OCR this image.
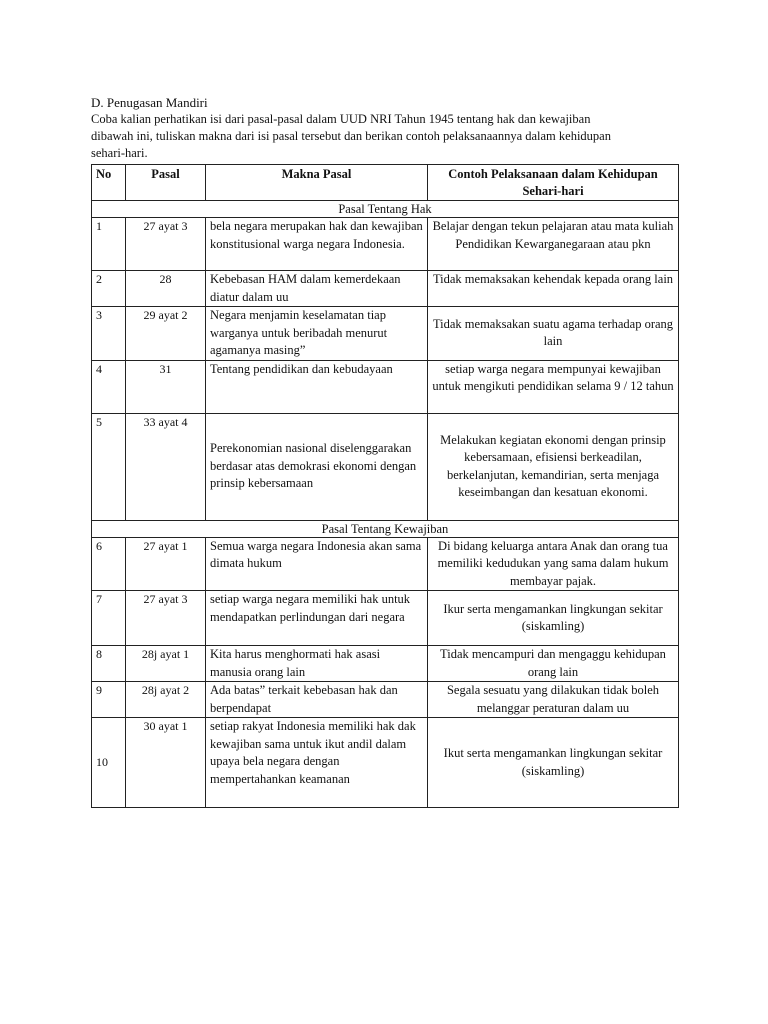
D. Penugasan Mandiri
Coba kalian perhatikan isi dari pasal-pasal dalam UUD NRI Tahun 1945 tentang hak dan kewajiban
dibawah ini, tuliskan makna dari isi pasal tersebut dan berikan contoh pelaksanaannya dalam kehidupan
sehari-hari.
No	Pasal	Makna Pasal	Contoh Pelaksanaan dalam Kehidupan Sehari-hari
Pasal Tentang Hak			
1	27 ayat 3	bela negara merupakan hak dan kewajiban konstitusional warga negara Indonesia.	Belajar dengan tekun pelajaran atau mata kuliah Pendidikan Kewarganegaraan atau pkn
2	28	Kebebasan HAM dalam kemerdekaan diatur dalam uu	Tidak memaksakan kehendak kepada orang lain
3	29 ayat 2	Negara menjamin keselamatan tiap warganya untuk beribadah menurut agamanya masing”	Tidak memaksakan suatu agama terhadap orang lain
4	31	Tentang pendidikan dan kebudayaan	setiap warga negara mempunyai kewajiban untuk mengikuti pendidikan selama 9 / 12 tahun
5	33 ayat 4	Perekonomian nasional diselenggarakan berdasar atas demokrasi ekonomi dengan prinsip kebersamaan	Melakukan kegiatan ekonomi dengan prinsip kebersamaan, efisiensi berkeadilan, berkelanjutan, kemandirian, serta menjaga keseimbangan dan kesatuan ekonomi.
Pasal Tentang Kewajiban			
6	27 ayat 1	Semua warga negara Indonesia akan sama dimata hukum	Di bidang keluarga antara Anak dan orang tua memiliki kedudukan yang sama dalam hukum membayar pajak.
7	27 ayat 3	setiap warga negara memiliki hak untuk mendapatkan perlindungan dari negara	Ikur serta mengamankan lingkungan sekitar (siskamling)
8	28j ayat 1	Kita harus menghormati hak asasi manusia orang lain	Tidak mencampuri dan mengaggu kehidupan orang lain
9	28j ayat 2	Ada batas” terkait kebebasan hak dan berpendapat	Segala sesuatu yang dilakukan tidak boleh melanggar peraturan dalam uu
10	30 ayat 1	setiap rakyat Indonesia memiliki hak dak kewajiban sama untuk ikut andil dalam upaya bela negara dengan mempertahankan keamanan	Ikut serta mengamankan lingkungan sekitar (siskamling)
